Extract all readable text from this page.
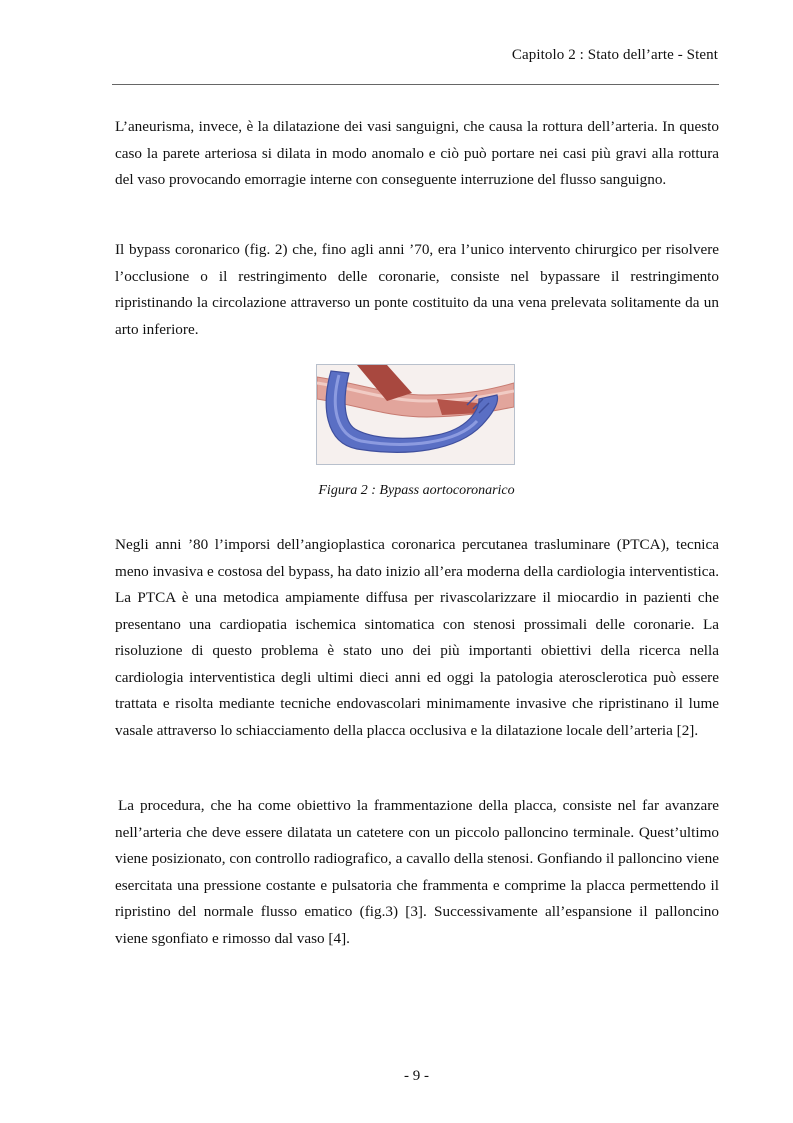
Capitolo 2 : Stato dell’arte - Stent

L’aneurisma, invece, è la dilatazione dei vasi sanguigni, che causa la rottura dell’arteria. In questo caso la parete arteriosa si dilata in modo anomalo e ciò può portare nei casi più gravi alla rottura del vaso provocando emorragie interne con conseguente interruzione del flusso sanguigno.

Il bypass coronarico (fig. 2) che, fino agli anni ’70, era l’unico intervento chirurgico per risolvere l’occlusione o il restringimento delle coronarie, consiste nel bypassare il restringimento ripristinando la circolazione attraverso un ponte costituito da una vena prelevata solitamente da un arto inferiore.

Figura 2 : Bypass aortocoronarico

Negli anni ’80 l’imporsi dell’angioplastica coronarica percutanea trasluminare (PTCA), tecnica meno invasiva e costosa del bypass, ha dato inizio all’era moderna della cardiologia interventistica. La PTCA è una metodica ampiamente diffusa per rivascolarizzare il miocardio in pazienti che presentano una cardiopatia ischemica sintomatica con stenosi prossimali delle coronarie. La risoluzione di questo problema è stato uno dei più importanti obiettivi della ricerca nella cardiologia interventistica degli ultimi dieci anni ed oggi la patologia aterosclerotica può essere trattata e risolta mediante tecniche endovascolari minimamente invasive che ripristinano il lume vasale attraverso lo schiacciamento della placca occlusiva e la dilatazione locale dell’arteria [2].

La procedura, che ha come obiettivo la frammentazione della placca, consiste nel far avanzare nell’arteria che deve essere dilatata un catetere con un piccolo palloncino terminale. Quest’ultimo viene posizionato, con controllo radiografico, a cavallo della stenosi. Gonfiando il palloncino viene esercitata una pressione costante e pulsatoria che frammenta e comprime la placca permettendo il ripristino del normale flusso ematico (fig.3) [3]. Successivamente all’espansione il palloncino viene sgonfiato e rimosso dal vaso [4].

- 9 -
